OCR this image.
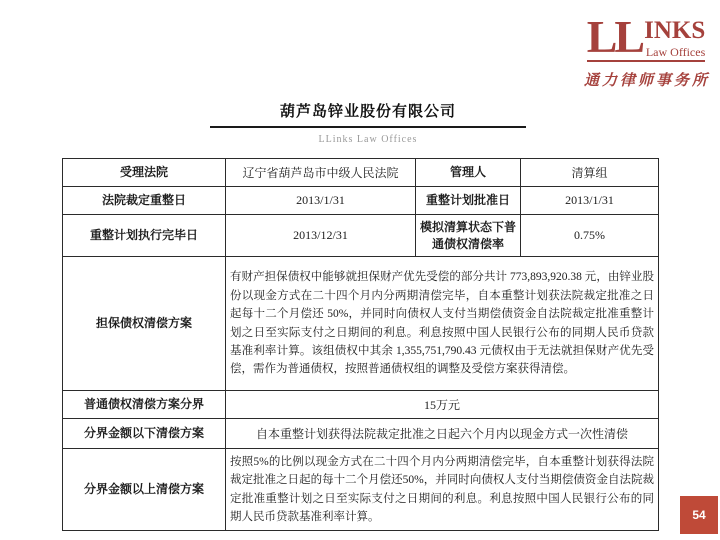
LL INKS
Law Offices
通力律师事务所
葫芦岛锌业股份有限公司
LLinks Law Offices
受理法院	辽宁省葫芦岛市中级人民法院	管理人	清算组
法院裁定重整日	2013/1/31	重整计划批准日	2013/1/31
重整计划执行完毕日	2013/12/31	模拟清算状态下普通债权清偿率	0.75%
担保债权清偿方案	有财产担保债权中能够就担保财产优先受偿的部分共计 773,893,920.38 元，由锌业股份以现金方式在二十四个月内分两期清偿完毕，自本重整计划获法院裁定批准之日起每十二个月偿还 50%，并同时向债权人支付当期偿债资金自法院裁定批准重整计划之日至实际支付之日期间的利息。利息按照中国人民银行公布的同期人民币贷款基准利率计算。该组债权中其余 1,355,751,790.43 元债权由于无法就担保财产优先受偿，需作为普通债权，按照普通债权组的调整及受偿方案获得清偿。		
普通债权清偿方案分界	15万元		
分界金额以下清偿方案	自本重整计划获得法院裁定批准之日起六个月内以现金方式一次性清偿		
分界金额以上清偿方案	按照5%的比例以现金方式在二十四个月内分两期清偿完毕，自本重整计划获得法院裁定批准之日起的每十二个月偿还50%，并同时向债权人支付当期偿债资金自法院裁定批准重整计划之日至实际支付之日期间的利息。利息按照中国人民银行公布的同期人民币贷款基准利率计算。			54
